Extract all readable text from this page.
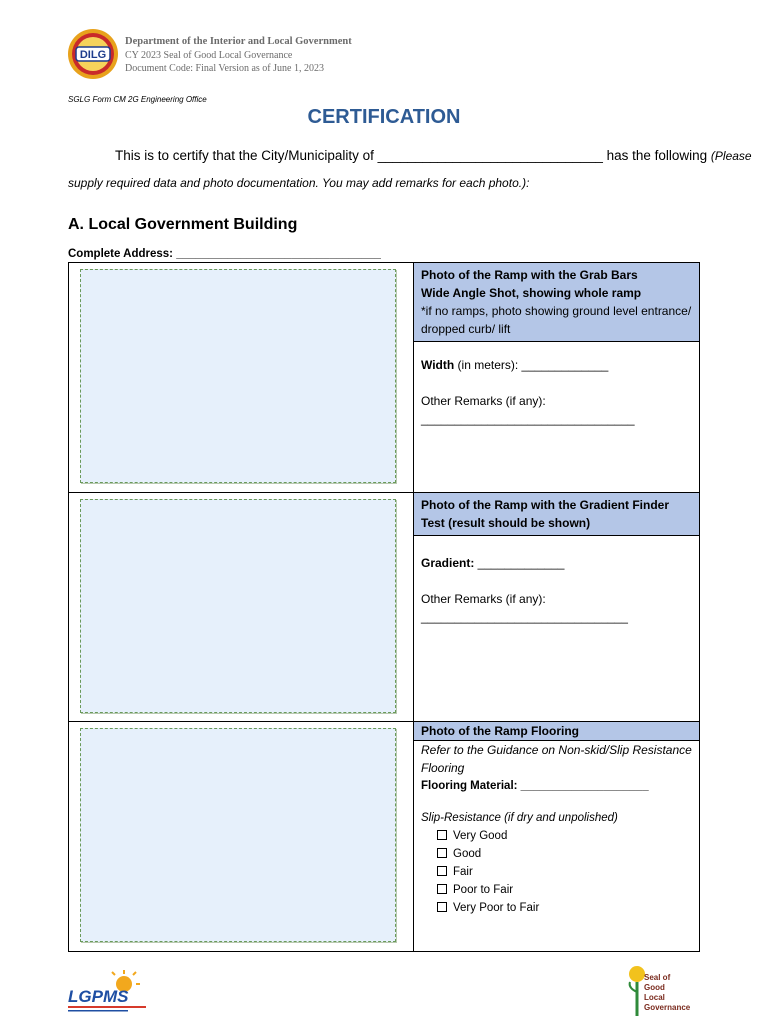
DILG
Department of the Interior and Local Government
CY 2023 Seal of Good Local Governance
Document Code: Final Version as of June 1, 2023
SGLG Form CM 2G Engineering Office
CERTIFICATION
This is to certify that the City/Municipality of ______________________________ has the following (Please
supply required data and photo documentation. You may add remarks for each photo.):
A. Local Government Building
Complete Address: ________________________________
Photo of the Ramp with the Grab Bars
Wide Angle Shot, showing whole ramp
*if no ramps, photo showing ground level entrance/ dropped curb/ lift
Width (in meters): _____________
Other Remarks (if any):
________________________________
Photo of the Ramp with the Gradient Finder
Test (result should be shown)
Gradient: _____________
Other Remarks (if any):
_______________________________
Photo of the Ramp Flooring
Refer to the Guidance on Non-skid/Slip Resistance Flooring
Flooring Material: ____________________
Slip-Resistance (if dry and unpolished)
Very Good
Good
Fair
Poor to Fair
Very Poor to Fair
LGPMS
Seal of
Good
Local
Governance
